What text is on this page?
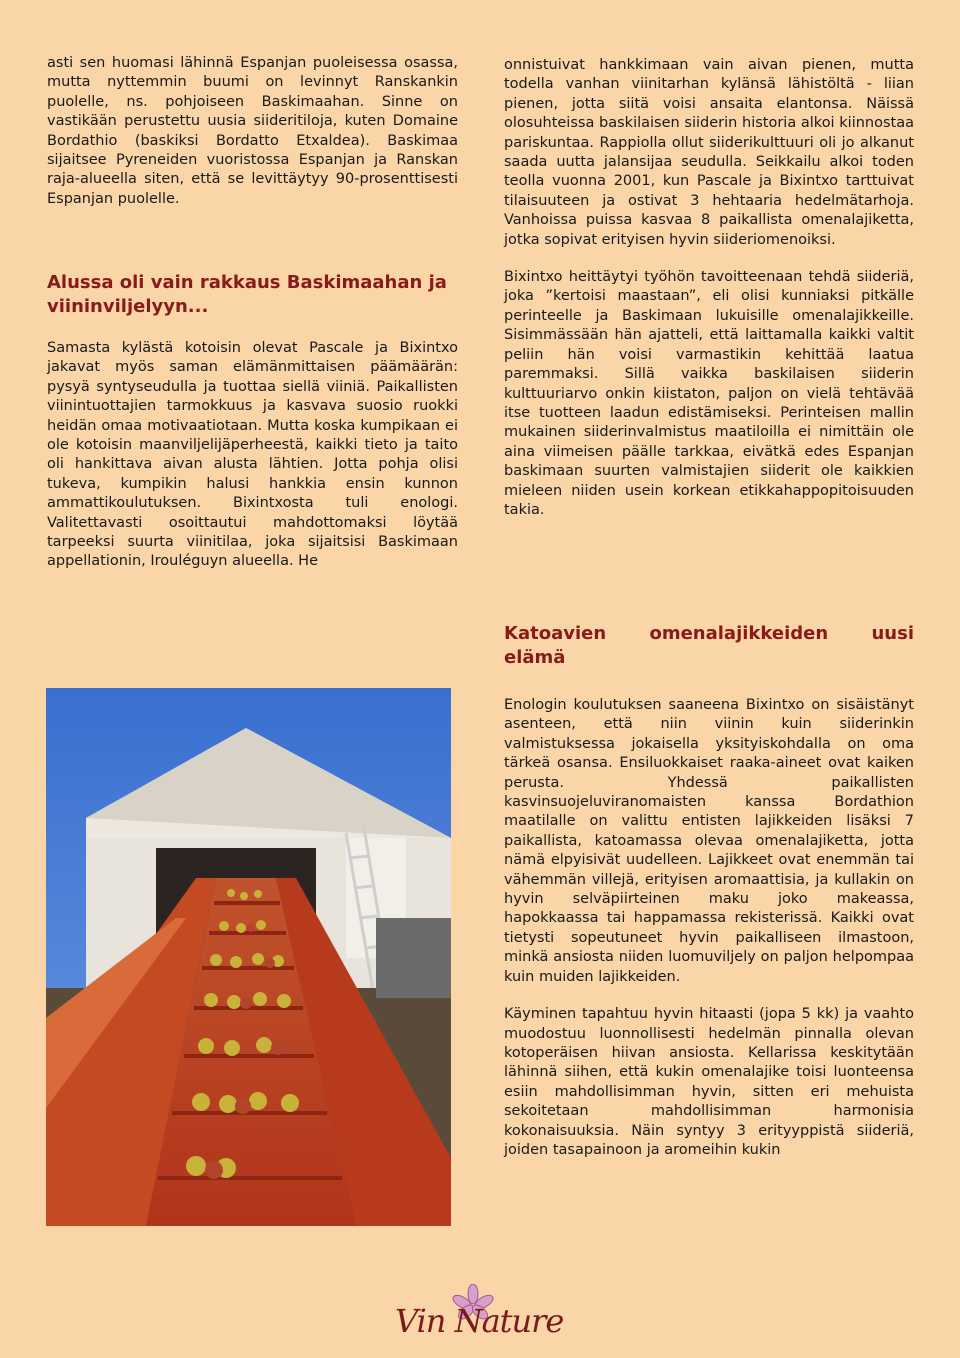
asti sen huomasi lähinnä Espanjan puoleisessa osassa, mutta nyttemmin buumi on levinnyt Ranskankin puolelle, ns. pohjoiseen Baskimaahan. Sinne on vastikään perustettu uusia siideritiloja, kuten Domaine Bordathio (baskiksi Bordatto Etxaldea). Baskimaa sijaitsee Pyreneiden vuoristossa Espanjan ja Ranskan raja-alueella siten, että se levittäytyy 90-prosenttisesti Espanjan puolelle.

Alussa oli vain rakkaus Baskimaahan ja viininviljelyyn...

Samasta kylästä kotoisin olevat Pascale ja Bixintxo jakavat myös saman elämänmittaisen päämäärän: pysyä syntyseudulla ja tuottaa siellä viiniä. Paikallisten viinintuottajien tarmokkuus ja kasvava suosio ruokki heidän omaa motivaatiotaan. Mutta koska kumpikaan ei ole kotoisin maanviljelijäperheestä, kaikki tieto ja taito oli hankittava aivan alusta lähtien. Jotta pohja olisi tukeva, kumpikin halusi hankkia ensin kunnon ammattikoulutuksen. Bixintxosta tuli enologi. Valitettavasti osoittautui mahdottomaksi löytää tarpeeksi suurta viinitilaa, joka sijaitsisi Baskimaan appellationin, Irouléguyn alueella. He

onnistuivat hankkimaan vain aivan pienen, mutta todella vanhan viinitarhan kylänsä lähistöltä - liian pienen, jotta siitä voisi ansaita elantonsa. Näissä olosuhteissa baskilaisen siiderin historia alkoi kiinnostaa pariskuntaa. Rappiolla ollut siiderikulttuuri oli jo alkanut saada uutta jalansijaa seudulla. Seikkailu alkoi toden teolla vuonna 2001, kun Pascale ja Bixintxo tarttuivat tilaisuuteen ja ostivat 3 hehtaaria hedelmätarhoja. Vanhoissa puissa kasvaa 8 paikallista omenalajiketta, jotka sopivat erityisen hyvin siideriomenoiksi.

Bixintxo heittäytyi työhön tavoitteenaan tehdä siideriä, joka ”kertoisi maastaan”, eli olisi kunniaksi pitkälle perinteelle ja Baskimaan lukuisille omenalajikkeille. Sisimmässään hän ajatteli, että laittamalla kaikki valtit peliin hän voisi varmastikin kehittää laatua paremmaksi. Sillä vaikka baskilaisen siiderin kulttuuriarvo onkin kiistaton, paljon on vielä tehtävää itse tuotteen laadun edistämiseksi. Perinteisen mallin mukainen siiderinvalmistus maatiloilla ei nimittäin ole aina viimeisen päälle tarkkaa, eivätkä edes Espanjan baskimaan suurten valmistajien siiderit ole kaikkien mieleen niiden usein korkean etikkahappopitoisuuden takia.

Katoavien omenalajikkeiden uusi elämä

Enologin koulutuksen saaneena Bixintxo on sisäistänyt asenteen, että niin viinin kuin siiderinkin valmistuksessa jokaisella yksityiskohdalla on oma tärkeä osansa. Ensiluokkaiset raaka-aineet ovat kaiken perusta. Yhdessä paikallisten kasvinsuojeluviranomaisten kanssa Bordathion maatilalle on valittu entisten lajikkeiden lisäksi 7 paikallista, katoamassa olevaa omenalajiketta, jotta nämä elpyisivät uudelleen. Lajikkeet ovat enemmän tai vähemmän villejä, erityisen aromaattisia, ja kullakin on hyvin selväpiirteinen maku joko makeassa, hapokkaassa tai happamassa rekisterissä. Kaikki ovat tietysti sopeutuneet hyvin paikalliseen ilmastoon, minkä ansiosta niiden luomuviljely on paljon helpompaa kuin muiden lajikkeiden.

Käyminen tapahtuu hyvin hitaasti (jopa 5 kk) ja vaahto muodostuu luonnollisesti hedelmän pinnalla olevan kotoperäisen hiivan ansiosta. Kellarissa keskitytään lähinnä siihen, että kukin omenalajike toisi luonteensa esiin mahdollisimman hyvin, sitten eri mehuista sekoitetaan mahdollisimman harmonisia kokonaisuuksia. Näin syntyy 3 erityyppistä siideriä, joiden tasapainoon ja aromeihin kukin

Vin Nature
